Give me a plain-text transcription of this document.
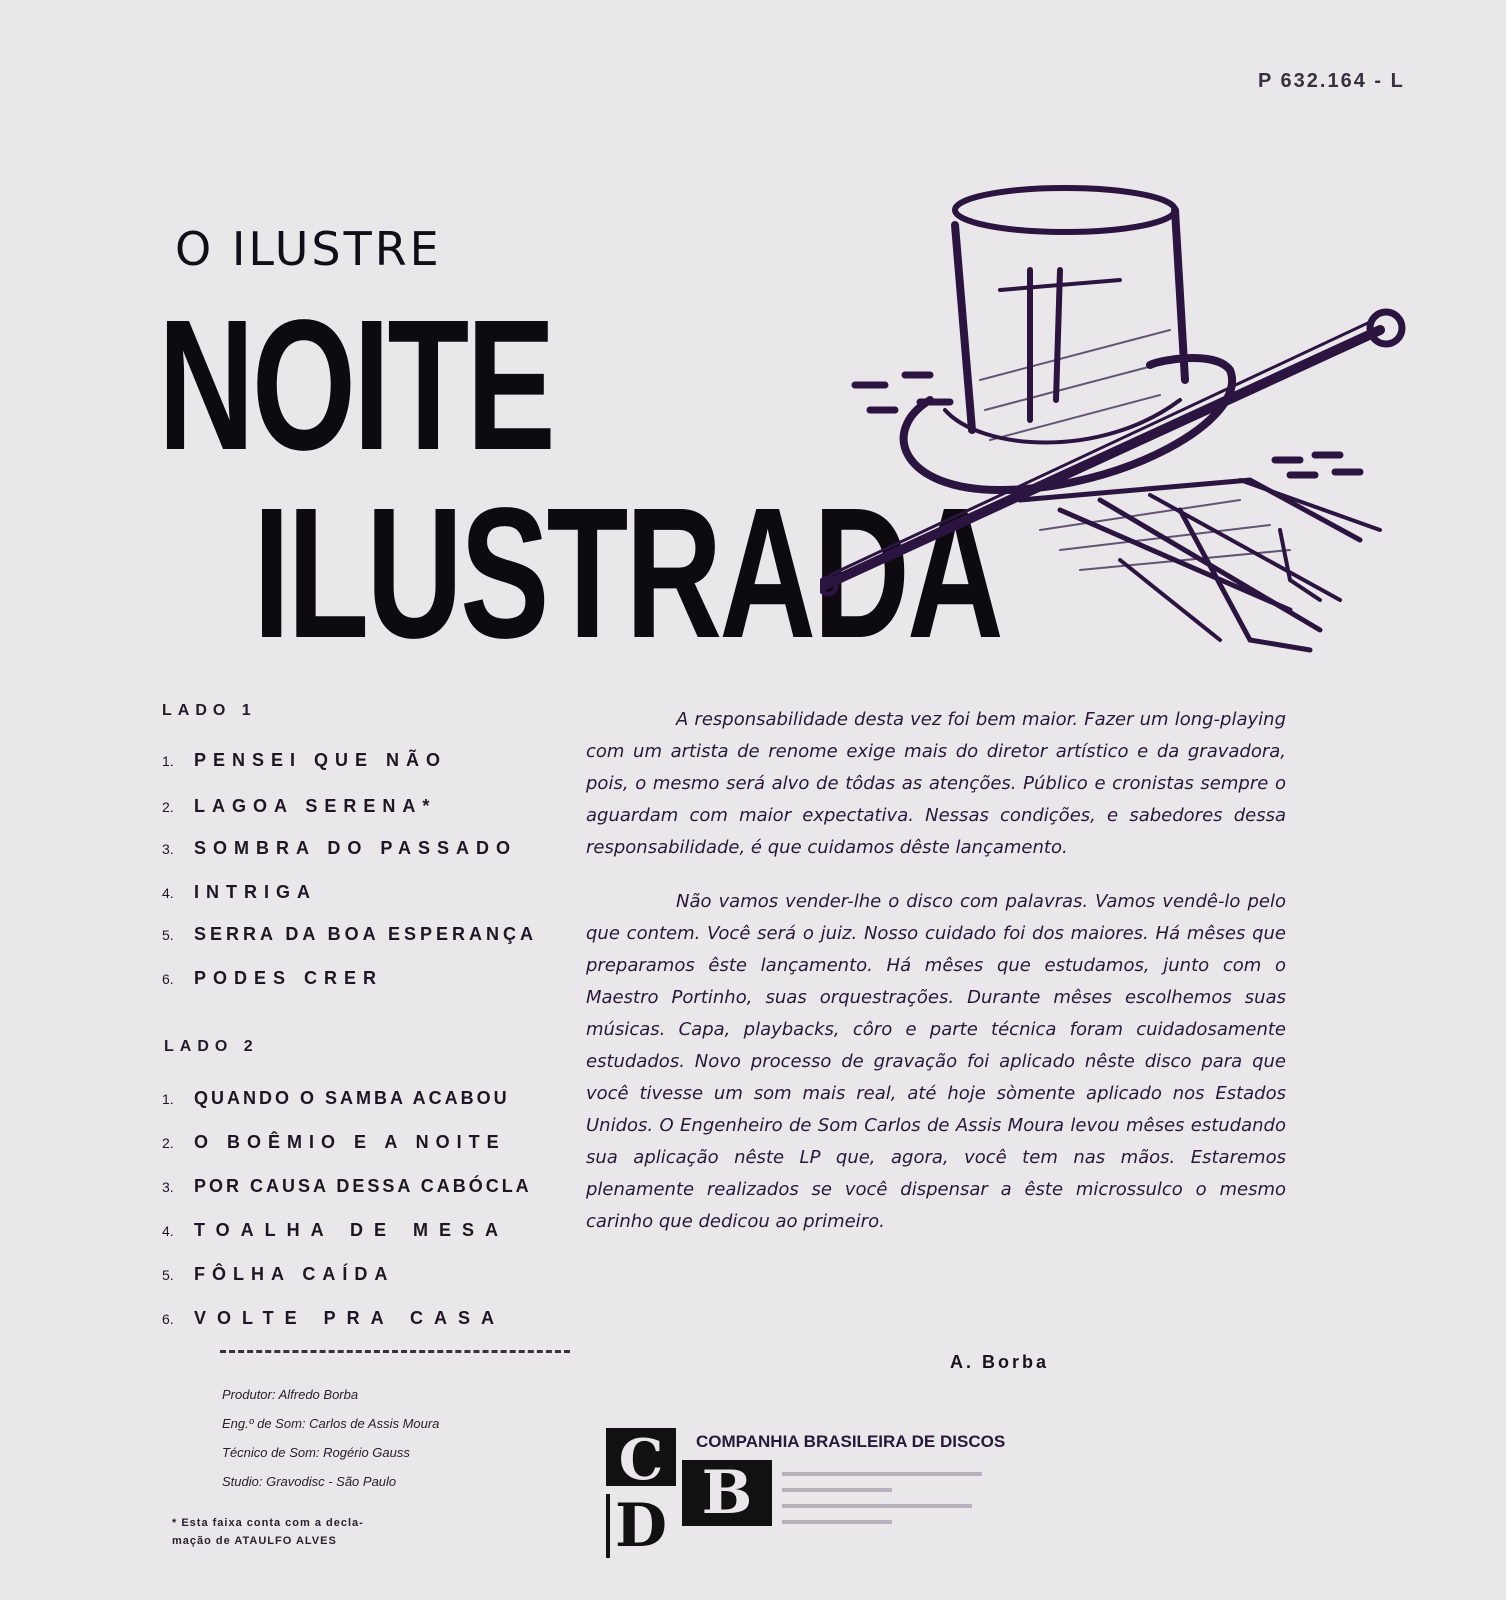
P 632.164 - L
O ILUSTRE
NOITE
ILUSTRADA
LADO 1
1. PENSEI QUE NÃO
2. LAGOA SERENA*
3. SOMBRA DO PASSADO
4. INTRIGA
5. SERRA DA BOA ESPERANÇA
6. PODES CRER
LADO 2
1. QUANDO O SAMBA ACABOU
2. O BOÊMIO E A NOITE
3. POR CAUSA DESSA CABÓCLA
4. TOALHA DE MESA
5. FÔLHA CAÍDA
6. VOLTE PRA CASA

A responsabilidade desta vez foi bem maior. Fazer um long-playing com um artista de renome exige mais do diretor artístico e da gravadora, pois, o mesmo será alvo de tôdas as atenções. Público e cronistas sempre o aguardam com maior expectativa. Nessas condições, e sabedores dessa responsabilidade, é que cuidamos dêste lançamento.

Não vamos vender-lhe o disco com palavras. Vamos vendê-lo pelo que contem. Você será o juiz. Nosso cuidado foi dos maiores. Há mêses que preparamos êste lançamento. Há mêses que estudamos, junto com o Maestro Portinho, suas orquestrações. Durante mêses escolhemos suas músicas. Capa, playbacks, côro e parte técnica foram cuidadosamente estudados. Novo processo de gravação foi aplicado nêste disco para que você tivesse um som mais real, até hoje sòmente aplicado nos Estados Unidos. O Engenheiro de Som Carlos de Assis Moura levou mêses estudando sua aplicação nêste LP que, agora, você tem nas mãos. Estaremos plenamente realizados se você dispensar a êste microssulco o mesmo carinho que dedicou ao primeiro.

A. Borba
Produtor: Alfredo Borba
Eng.º de Som: Carlos de Assis Moura
Técnico de Som: Rogério Gauss
Studio: Gravodisc - São Paulo
* Esta faixa conta com a decla-
mação de ATAULFO ALVES
C
D B
COMPANHIA BRASILEIRA DE DISCOS
